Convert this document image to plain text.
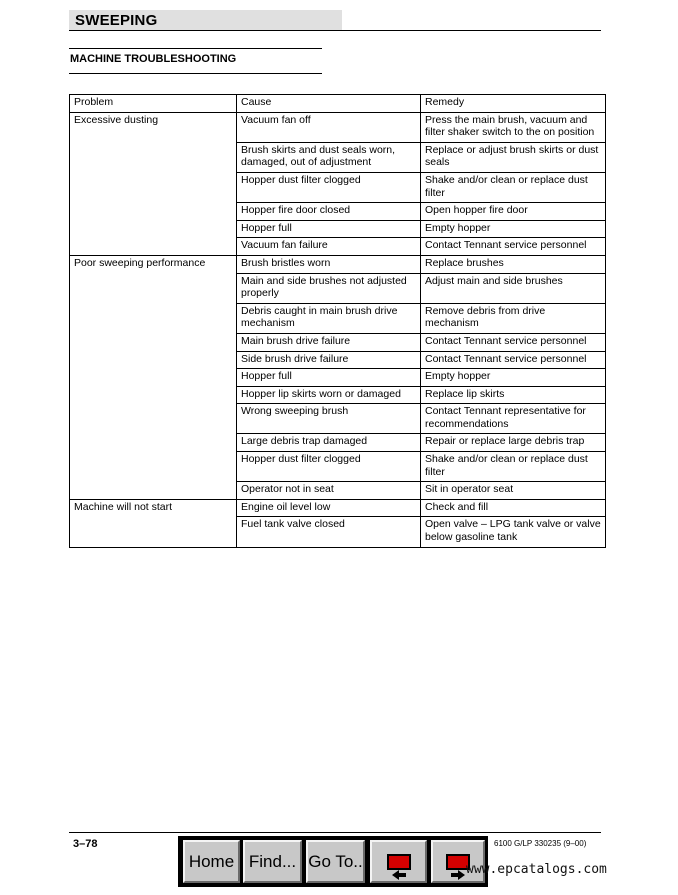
SWEEPING
MACHINE TROUBLESHOOTING
Problem	Cause	Remedy
Excessive dusting	Vacuum fan off	Press the main brush, vacuum and filter shaker switch to the on position
	Brush skirts and dust seals worn, damaged, out of adjustment	Replace or adjust brush skirts or dust seals
	Hopper dust filter clogged	Shake and/or clean or replace dust filter
	Hopper fire door closed	Open hopper fire door
	Hopper full	Empty hopper
	Vacuum fan failure	Contact Tennant service personnel
Poor sweeping performance	Brush bristles worn	Replace brushes
	Main and side brushes not adjusted properly	Adjust main and side brushes
	Debris caught in main brush drive mechanism	Remove debris from drive mechanism
	Main brush drive failure	Contact Tennant service personnel
	Side brush drive failure	Contact Tennant service personnel
	Hopper full	Empty hopper
	Hopper lip skirts worn or damaged	Replace lip skirts
	Wrong sweeping brush	Contact Tennant representative for recommendations
	Large debris trap damaged	Repair or replace large debris trap
	Hopper dust filter clogged	Shake and/or clean or replace dust filter
	Operator not in seat	Sit in operator seat
Machine will not start	Engine oil level low	Check and fill
	Fuel tank valve closed	Open valve – LPG tank valve or valve below gasoline tank
3–78	6100 G/LP 330235 (9–00)
Home Find... Go To..	www.epcatalogs.com
